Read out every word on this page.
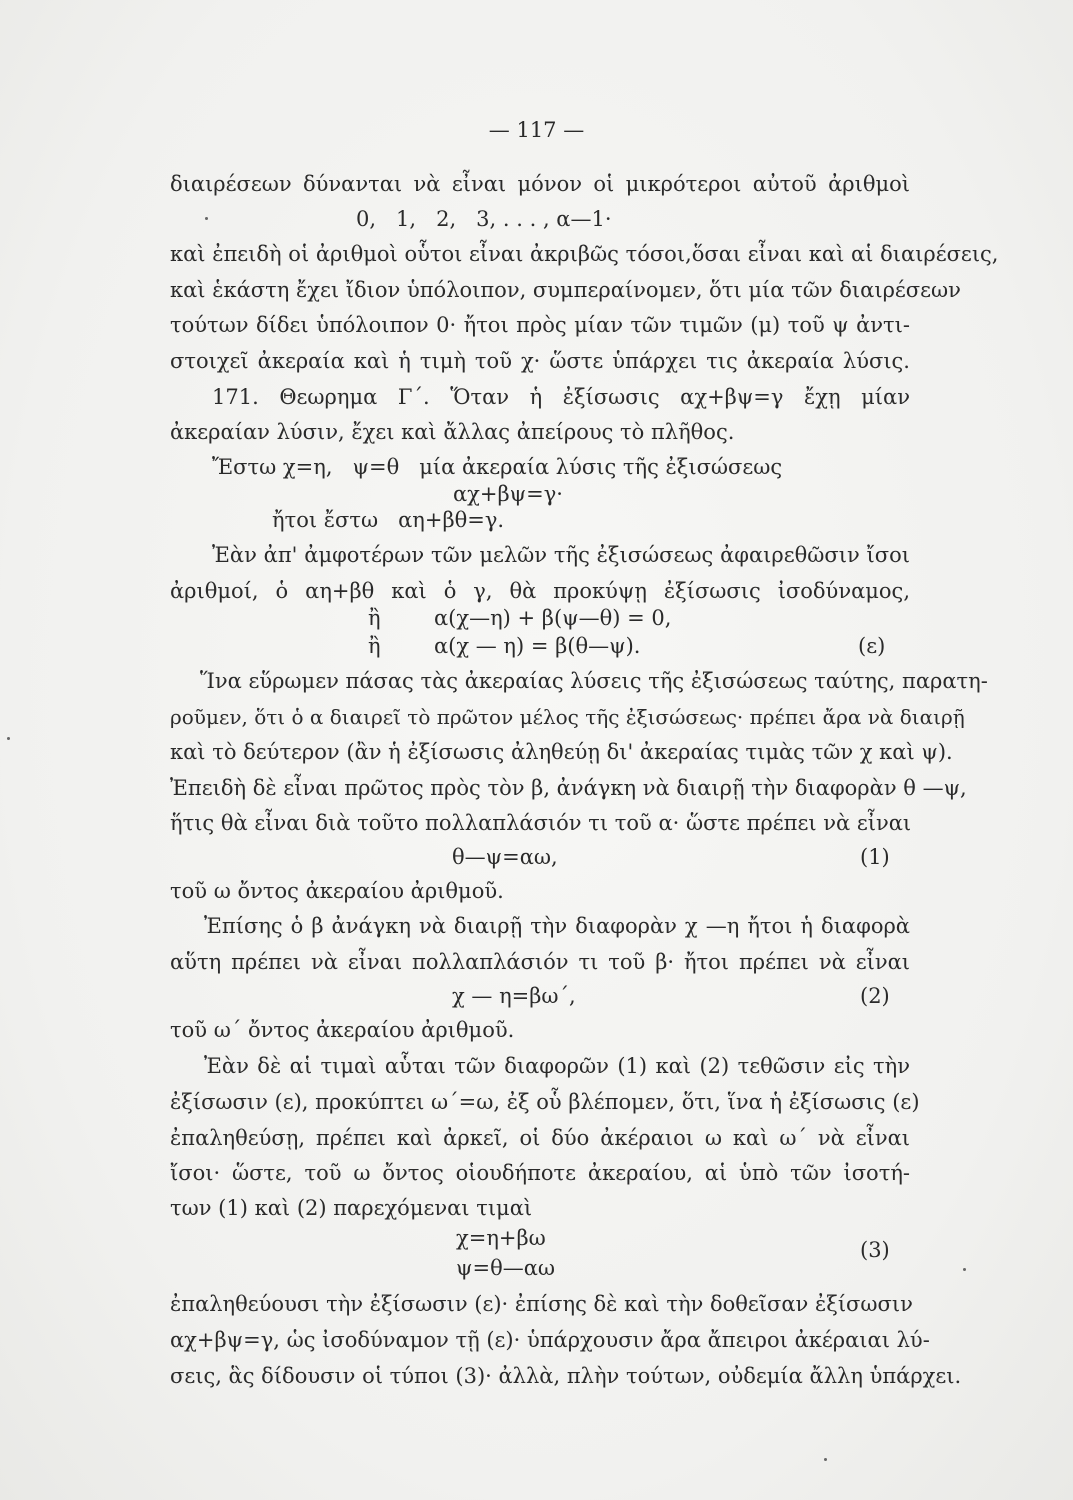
— 117 —
διαιρέσεων δύνανται νὰ εἶναι μόνον οἱ μικρότεροι αὐτοῦ ἀριθμοὶ
0,   1,   2,   3, . . . , α—1·
καὶ ἐπειδὴ οἱ ἀριθμοὶ οὗτοι εἶναι ἀκριβῶς τόσοι,ὅσαι εἶναι καὶ αἱ διαιρέσεις,
καὶ ἑκάστη ἔχει ἴδιον ὑπόλοιπον, συμπεραίνομεν, ὅτι μία τῶν διαιρέσεων
τούτων δίδει ὑπόλοιπον 0· ἤτοι πρὸς μίαν τῶν τιμῶν (μ) τοῦ ψ ἀντι-
στοιχεῖ ἀκεραία καὶ ἡ τιμὴ τοῦ χ· ὥστε ὑπάρχει τις ἀκεραία λύσις.
171. Θεωρημα Γ΄. Ὅταν ἡ ἐξίσωσις αχ+βψ=γ ἔχῃ μίαν
ἀκεραίαν λύσιν, ἔχει καὶ ἄλλας ἀπείρους τὸ πλῆθος.
Ἔστω χ=η,   ψ=θ   μία ἀκεραία λύσις τῆς ἐξισώσεως
αχ+βψ=γ·
ἤτοι ἔστω   αη+βθ=γ.
Ἐὰν ἀπ' ἀμφοτέρων τῶν μελῶν τῆς ἐξισώσεως ἀφαιρεθῶσιν ἴσοι
ἀριθμοί, ὁ αη+βθ καὶ ὁ γ, θὰ προκύψῃ ἐξίσωσις ἰσοδύναμος,
ἢ        α(χ—η) + β(ψ—θ) = 0,
ἢ        α(χ — η) = β(θ—ψ).	(ε)
Ἵνα εὕρωμεν πάσας τὰς ἀκεραίας λύσεις τῆς ἐξισώσεως ταύτης, παρατη-
ροῦμεν, ὅτι ὁ α διαιρεῖ τὸ πρῶτον μέλος τῆς ἐξισώσεως· πρέπει ἄρα νὰ διαιρῇ
καὶ τὸ δεύτερον (ἂν ἡ ἐξίσωσις ἀληθεύῃ δι' ἀκεραίας τιμὰς τῶν χ καὶ ψ).
Ἐπειδὴ δὲ εἶναι πρῶτος πρὸς τὸν β, ἀνάγκη νὰ διαιρῇ τὴν διαφορὰν θ —ψ,
ἥτις θὰ εἶναι διὰ τοῦτο πολλαπλάσιόν τι τοῦ α· ὥστε πρέπει νὰ εἶναι
θ—ψ=αω,	(1)
τοῦ ω ὄντος ἀκεραίου ἀριθμοῦ.
Ἐπίσης ὁ β ἀνάγκη νὰ διαιρῇ τὴν διαφορὰν χ —η ἤτοι ἡ διαφορὰ
αὕτη πρέπει νὰ εἶναι πολλαπλάσιόν τι τοῦ β· ἤτοι πρέπει νὰ εἶναι
χ — η=βω΄,	(2)
τοῦ ω΄ ὄντος ἀκεραίου ἀριθμοῦ.
Ἐὰν δὲ αἱ τιμαὶ αὗται τῶν διαφορῶν (1) καὶ (2) τεθῶσιν εἰς τὴν
ἐξίσωσιν (ε), προκύπτει ω΄=ω, ἐξ οὗ βλέπομεν, ὅτι, ἵνα ἡ ἐξίσωσις (ε)
ἐπαληθεύσῃ, πρέπει καὶ ἀρκεῖ, οἱ δύο ἀκέραιοι ω καὶ ω΄ νὰ εἶναι
ἴσοι· ὥστε, τοῦ ω ὄντος οἱουδήποτε ἀκεραίου, αἱ ὑπὸ τῶν ἰσοτή-
των (1) καὶ (2) παρεχόμεναι τιμαὶ
χ=η+βω
ψ=θ—αω
(3)
ἐπαληθεύουσι τὴν ἐξίσωσιν (ε)· ἐπίσης δὲ καὶ τὴν δοθεῖσαν ἐξίσωσιν
αχ+βψ=γ, ὡς ἰσοδύναμον τῇ (ε)· ὑπάρχουσιν ἄρα ἄπειροι ἀκέραιαι λύ-
σεις, ἃς δίδουσιν οἱ τύποι (3)· ἀλλὰ, πλὴν τούτων, οὐδεμία ἄλλη ὑπάρχει.
